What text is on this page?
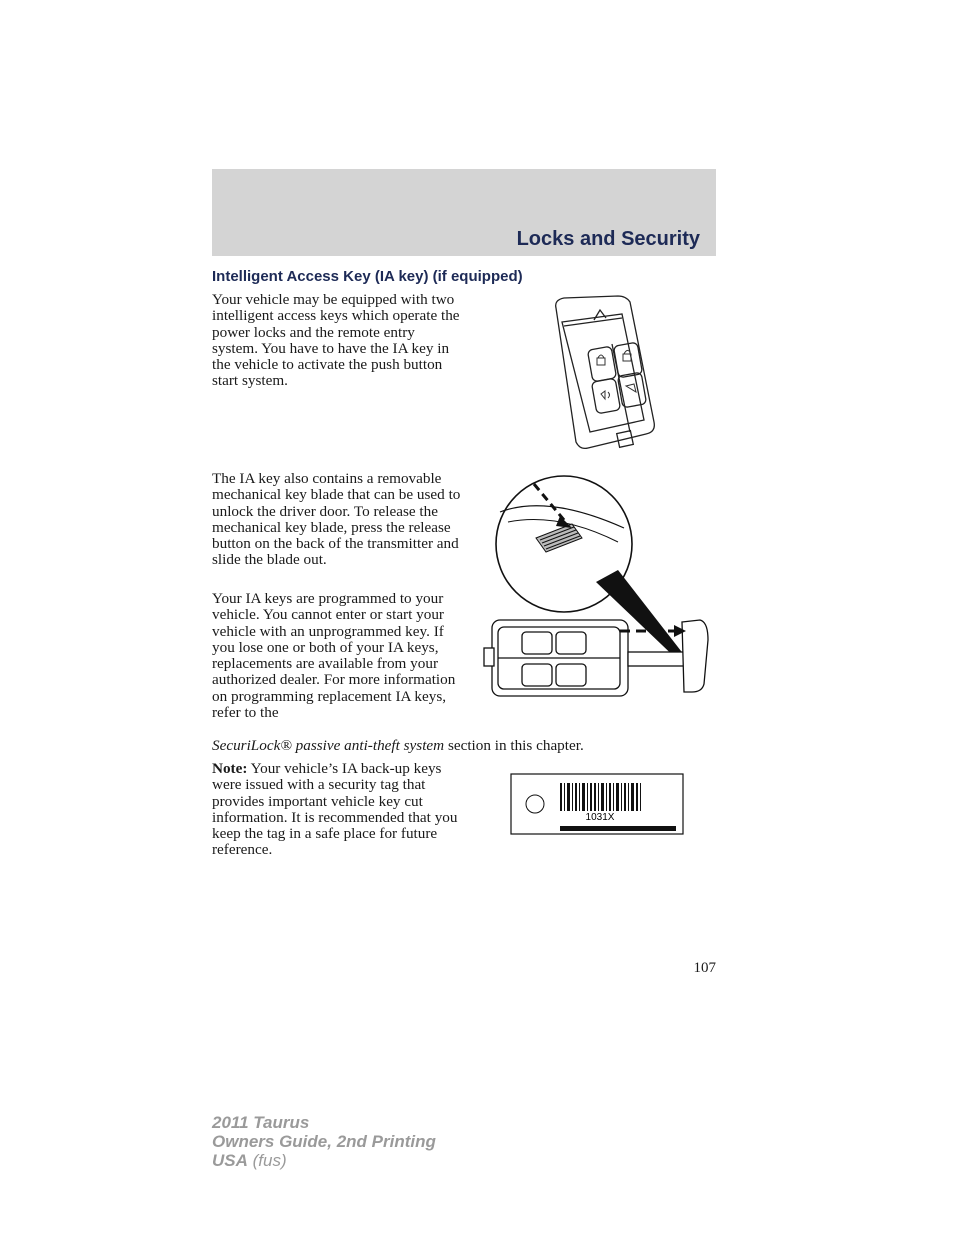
Locks and Security
Intelligent Access Key (IA key) (if equipped)

Your vehicle may be equipped with two intelligent access keys which operate the power locks and the remote entry system. You have to have the IA key in the vehicle to activate the push button start system.

The IA key also contains a removable mechanical key blade that can be used to unlock the driver door. To release the mechanical key blade, press the release button on the back of the transmitter and slide the blade out.

Your IA keys are programmed to your vehicle. You cannot enter or start your vehicle with an unprogrammed key. If you lose one or both of your IA keys, replacements are available from your authorized dealer. For more information on programming replacement IA keys, refer to the

SecuriLock® passive anti-theft system section in this chapter.

Note: Your vehicle’s IA back-up keys were issued with a security tag that provides important vehicle key cut information. It is recommended that you keep the tag in a safe place for future reference.

1031X
107
2011 Taurus
Owners Guide, 2nd Printing
USA (fus)
